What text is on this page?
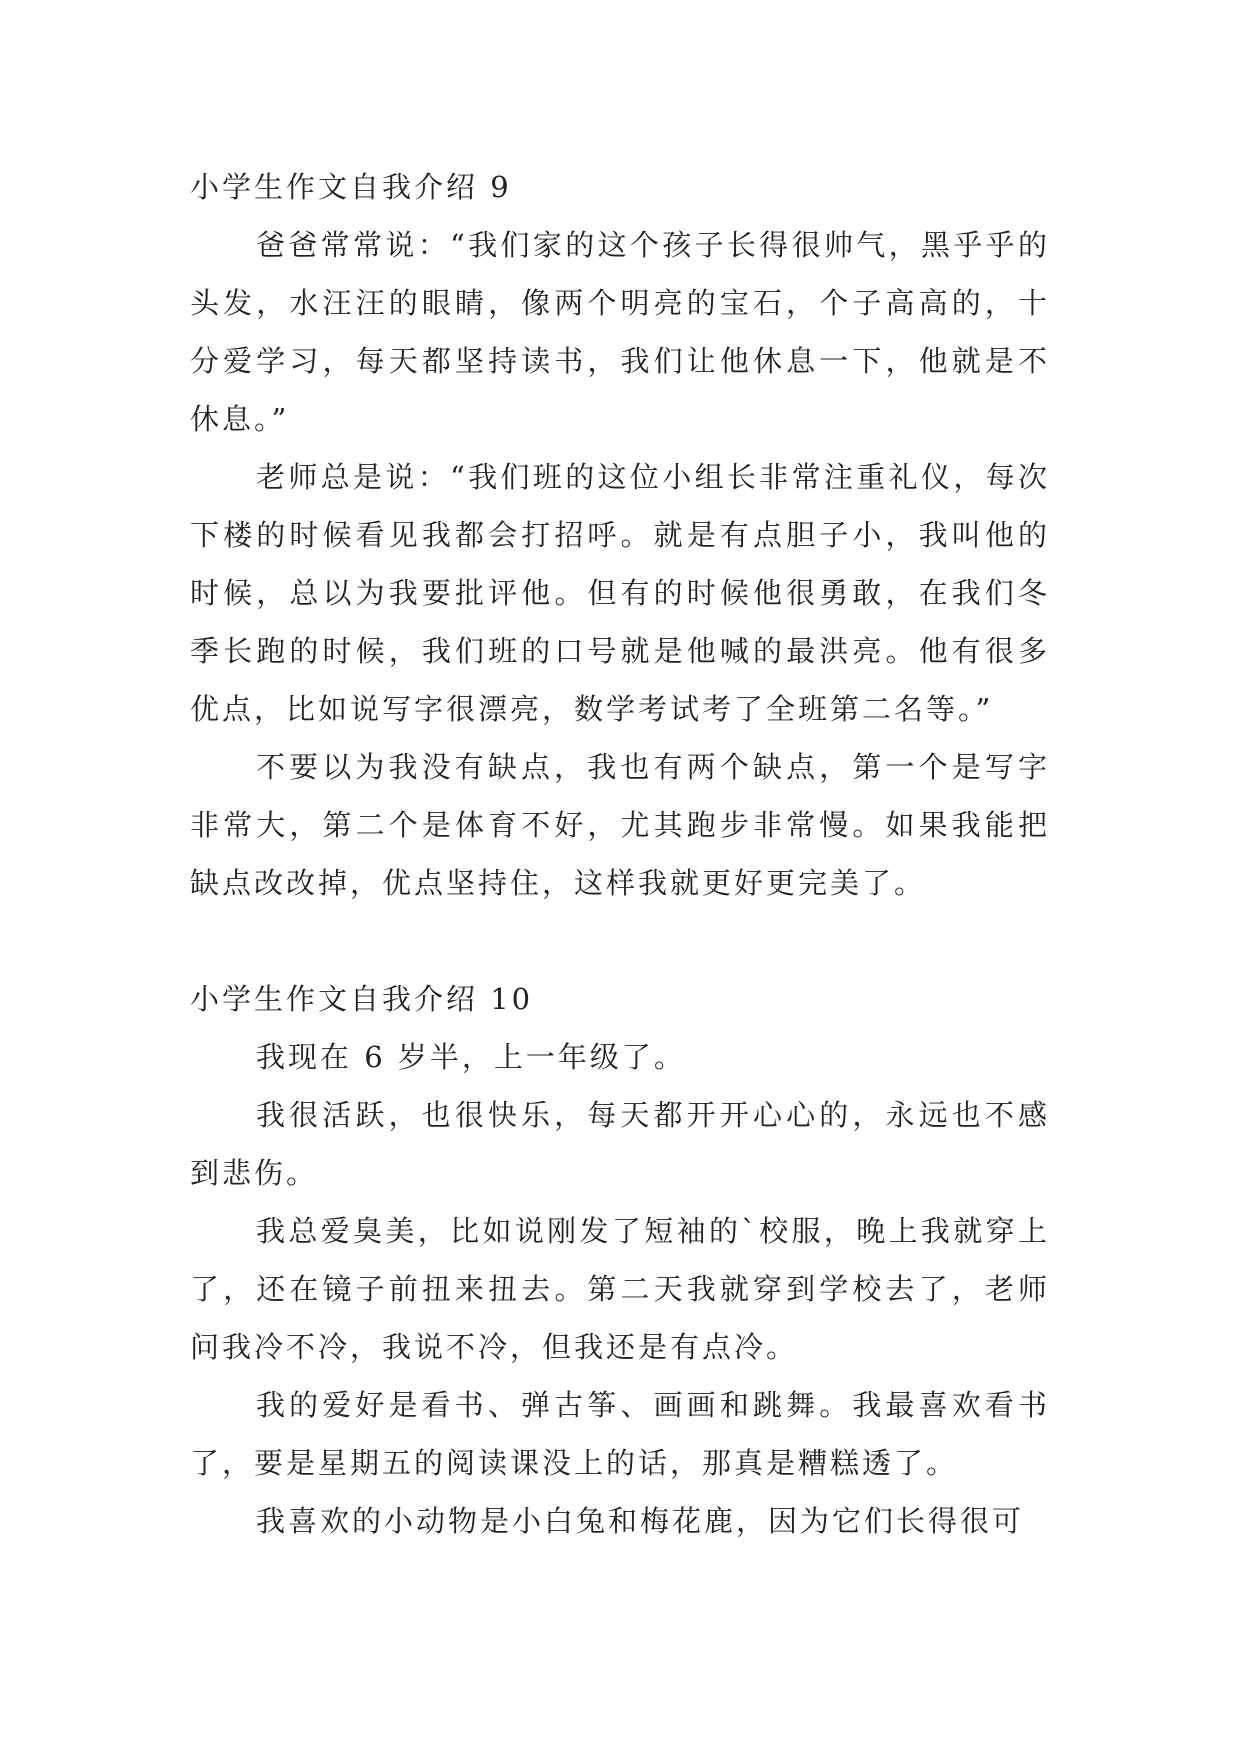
小学生作文自我介绍 9

爸爸常常说：“我们家的这个孩子长得很帅气，黑乎乎的头发，水汪汪的眼睛，像两个明亮的宝石，个子高高的，十分爱学习，每天都坚持读书，我们让他休息一下，他就是不休息。”

老师总是说：“我们班的这位小组长非常注重礼仪，每次下楼的时候看见我都会打招呼。就是有点胆子小，我叫他的时候，总以为我要批评他。但有的时候他很勇敢，在我们冬季长跑的时候，我们班的口号就是他喊的最洪亮。他有很多优点，比如说写字很漂亮，数学考试考了全班第二名等。”

不要以为我没有缺点，我也有两个缺点，第一个是写字非常大，第二个是体育不好，尤其跑步非常慢。如果我能把缺点改改掉，优点坚持住，这样我就更好更完美了。

小学生作文自我介绍 10

我现在 6 岁半，上一年级了。

我很活跃，也很快乐，每天都开开心心的，永远也不感到悲伤。

我总爱臭美，比如说刚发了短袖的`校服，晚上我就穿上了，还在镜子前扭来扭去。第二天我就穿到学校去了，老师问我冷不冷，我说不冷，但我还是有点冷。

我的爱好是看书、弹古筝、画画和跳舞。我最喜欢看书了，要是星期五的阅读课没上的话，那真是糟糕透了。

我喜欢的小动物是小白兔和梅花鹿，因为它们长得很可
